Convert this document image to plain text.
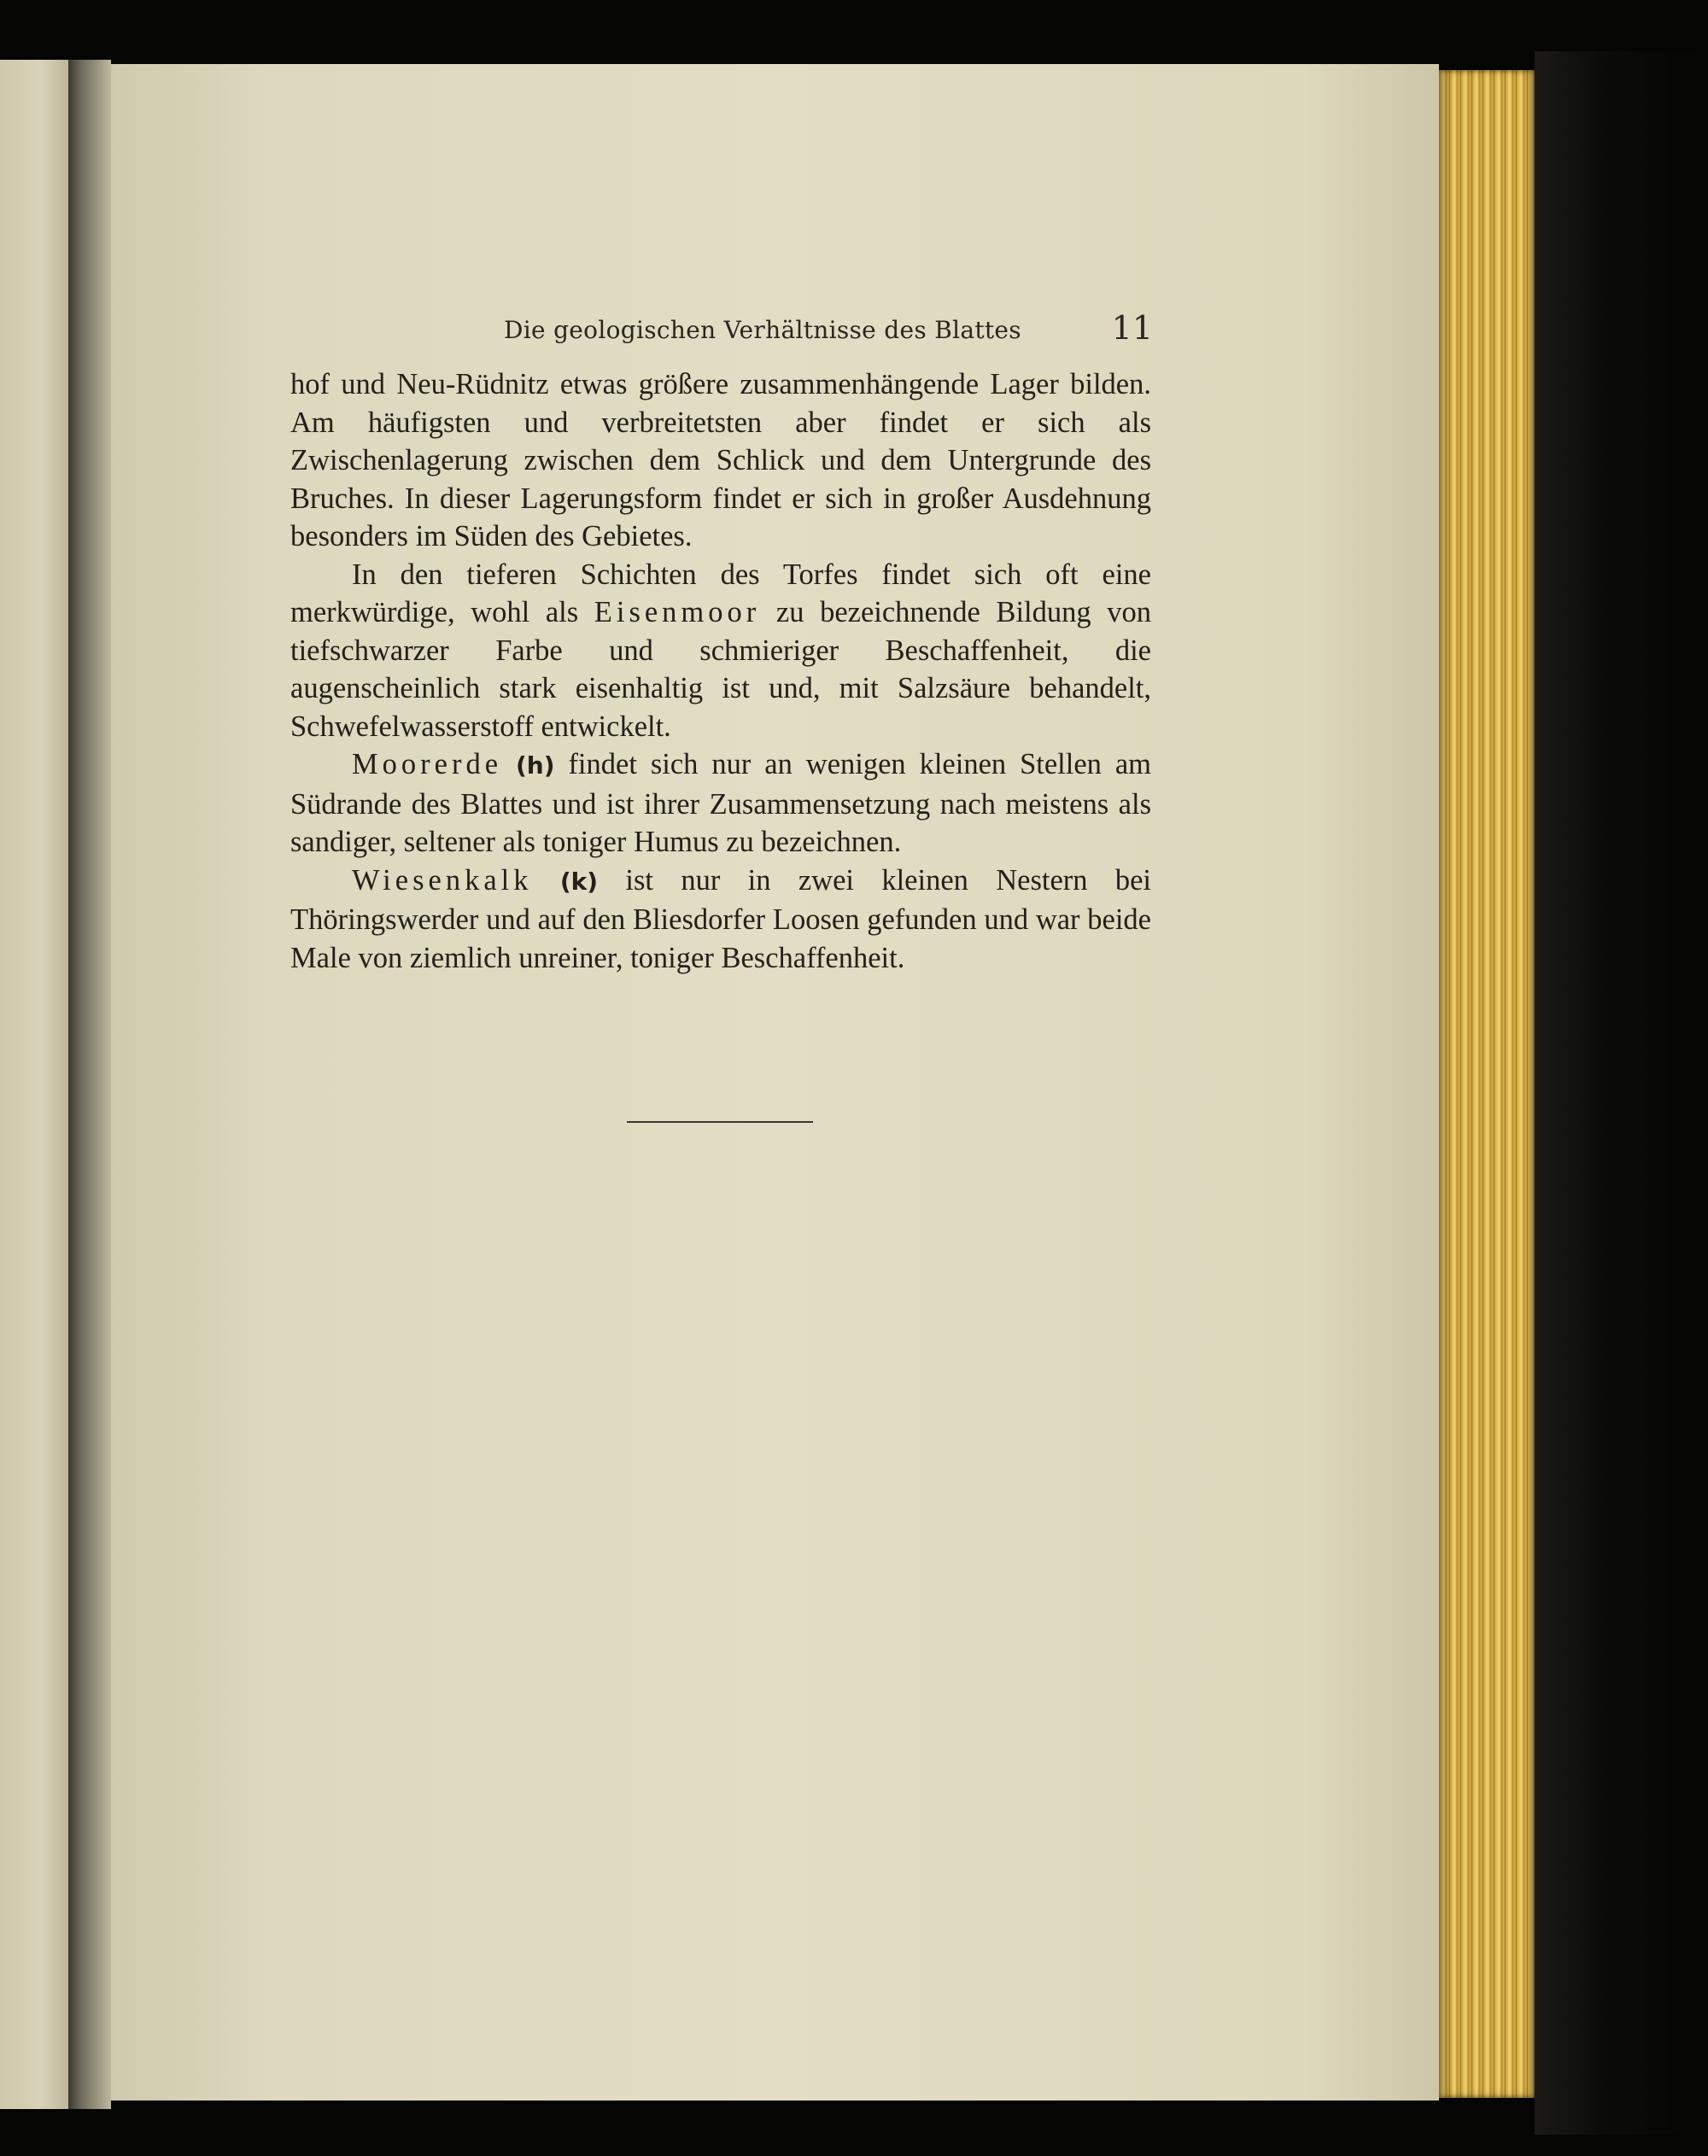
Die geologischen Verhältnisse des Blattes	11

hof und Neu-Rüdnitz etwas größere zusammenhängende Lager bilden. Am häufigsten und verbreitetsten aber findet er sich als Zwischenlagerung zwischen dem Schlick und dem Untergrunde des Bruches. In dieser Lagerungsform findet er sich in großer Ausdehnung besonders im Süden des Gebietes.

In den tieferen Schichten des Torfes findet sich oft eine merkwürdige, wohl als Eisenmoor zu bezeichnende Bildung von tiefschwarzer Farbe und schmieriger Beschaffenheit, die augenscheinlich stark eisenhaltig ist und, mit Salzsäure behandelt, Schwefelwasserstoff entwickelt.

Moorerde (h) findet sich nur an wenigen kleinen Stellen am Südrande des Blattes und ist ihrer Zusammensetzung nach meistens als sandiger, seltener als toniger Humus zu bezeichnen.

Wiesenkalk (k) ist nur in zwei kleinen Nestern bei Thöringswerder und auf den Bliesdorfer Loosen gefunden und war beide Male von ziemlich unreiner, toniger Beschaffenheit.
